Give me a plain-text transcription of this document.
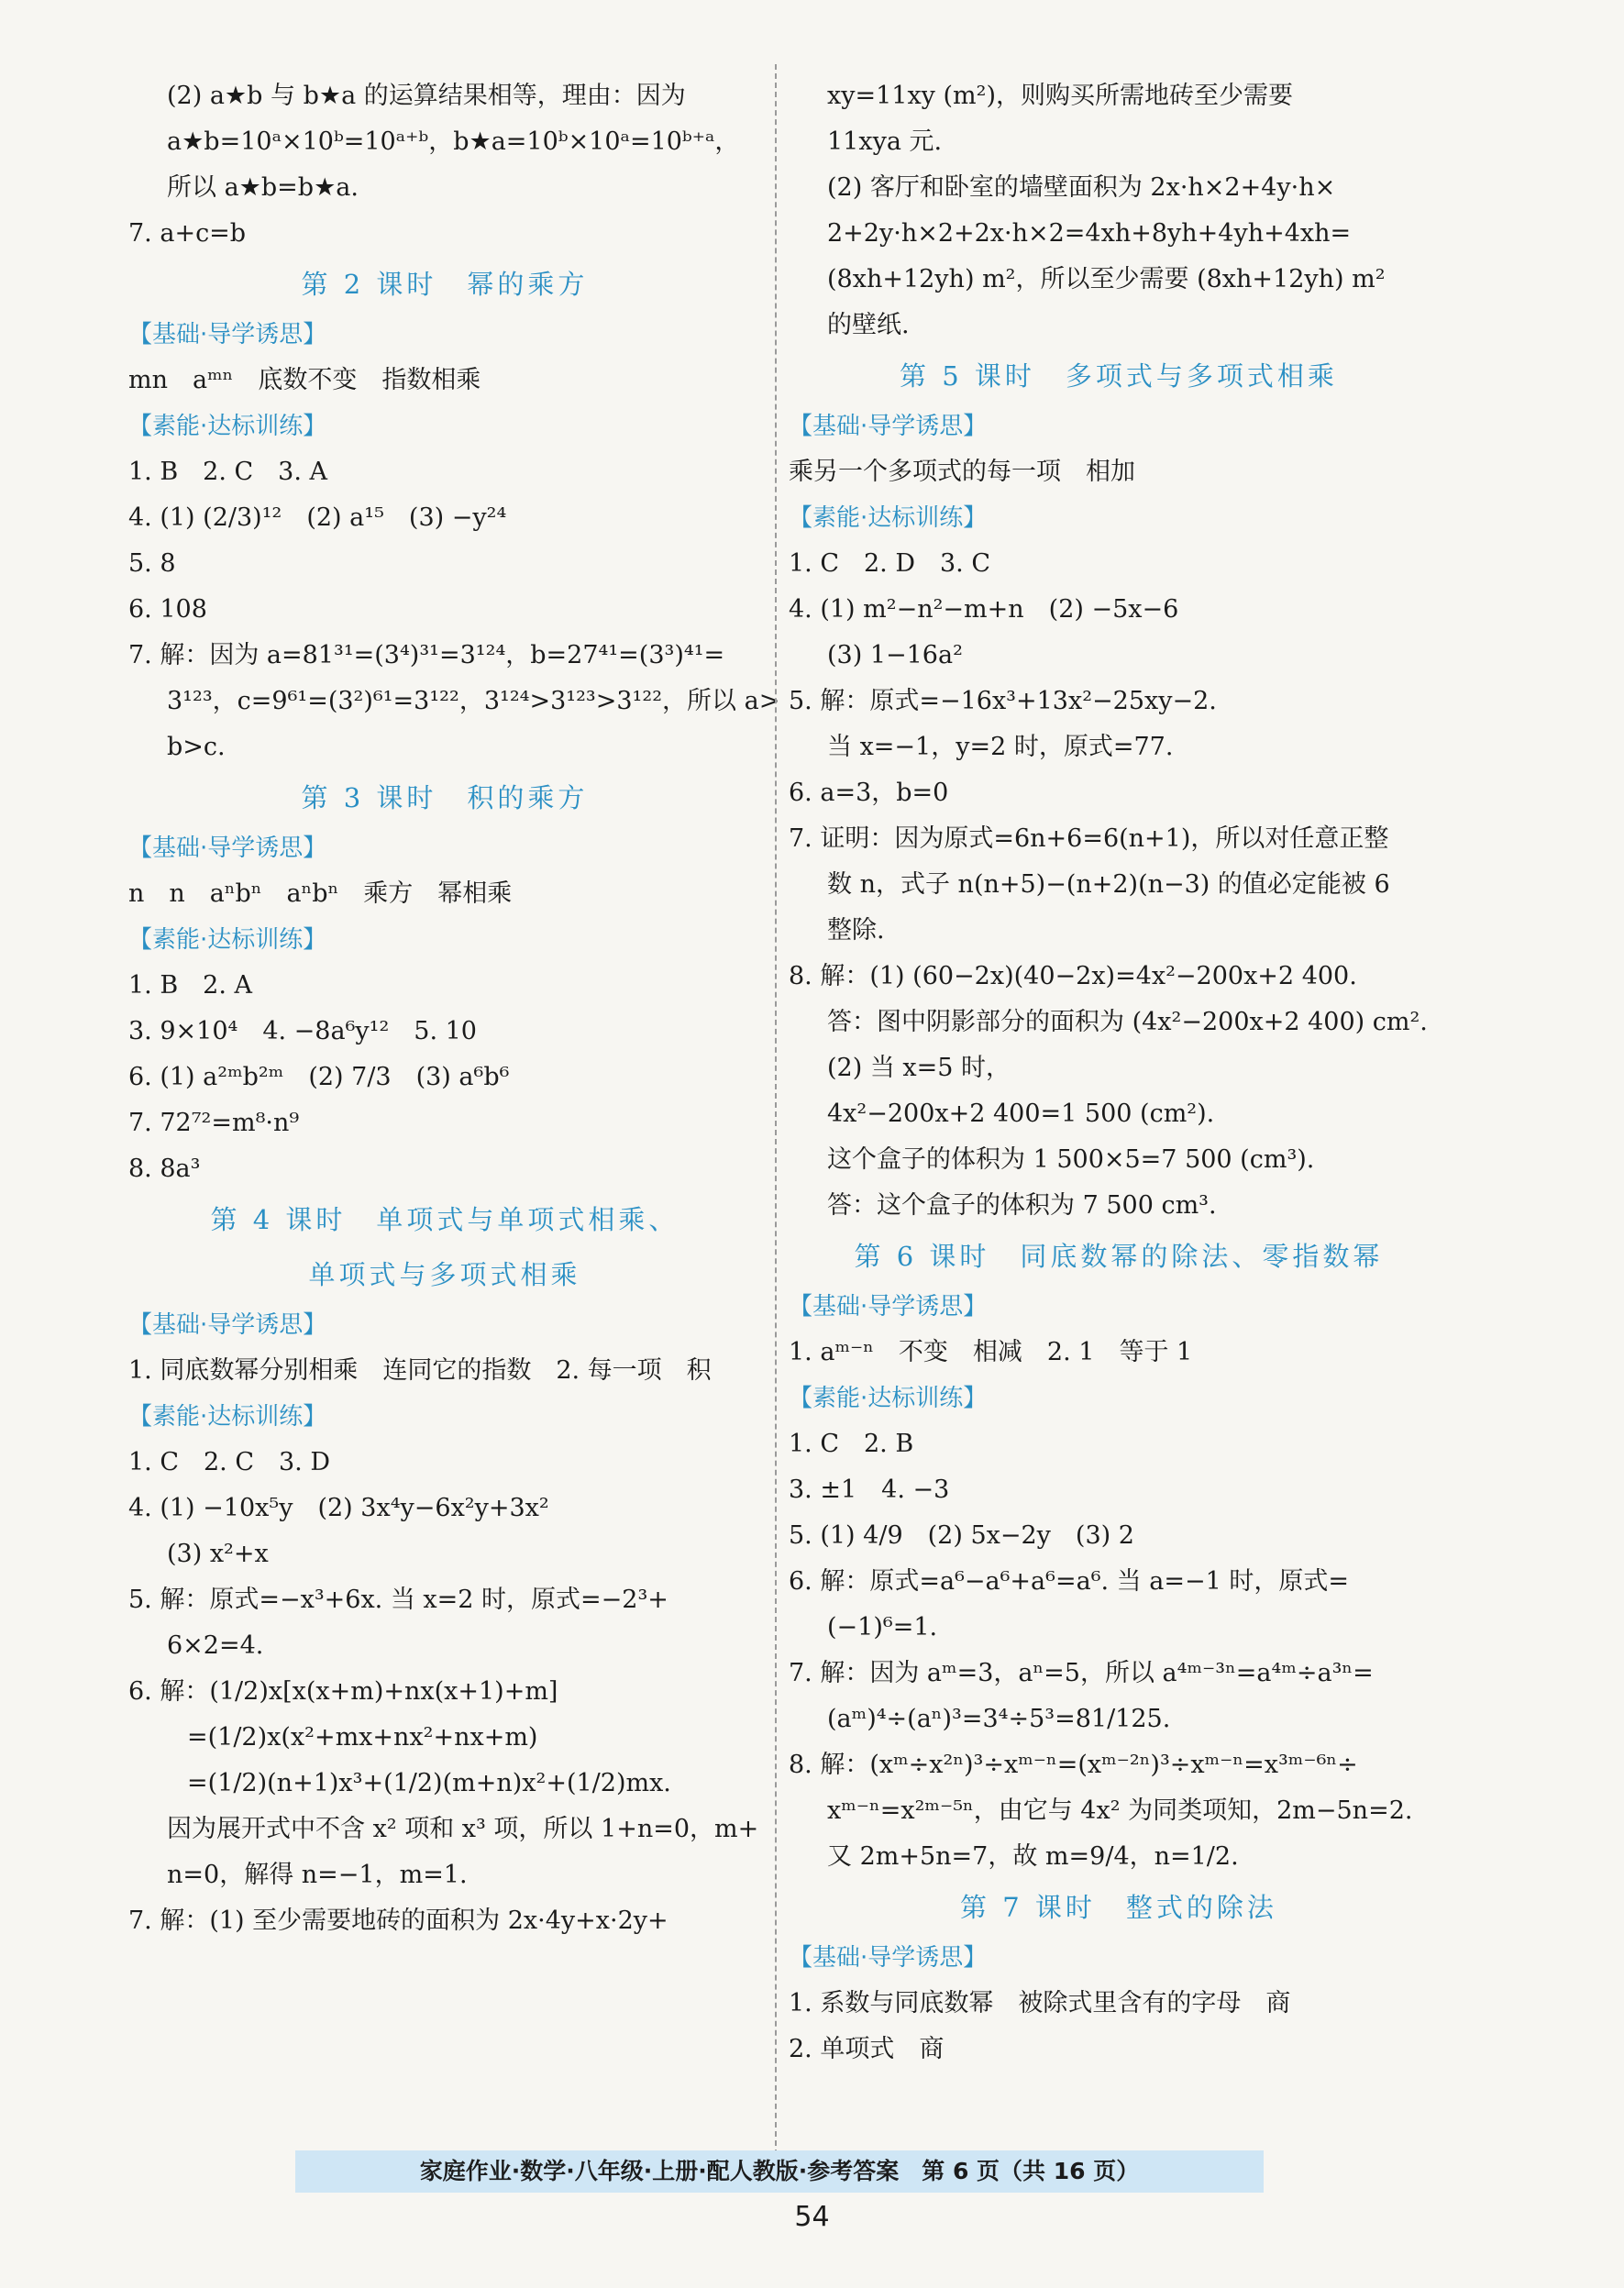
(2) a★b 与 b★a 的运算结果相等，理由：因为
a★b=10ᵃ×10ᵇ=10ᵃ⁺ᵇ，b★a=10ᵇ×10ᵃ=10ᵇ⁺ᵃ，
所以 a★b=b★a.
7. a+c=b
第 2 课时　幂的乘方
【基础·导学诱思】
mn　aᵐⁿ　底数不变　指数相乘
【素能·达标训练】
1. B　2. C　3. A
4. (1) (2/3)¹²　(2) a¹⁵　(3) −y²⁴
5. 8
6. 108
7. 解：因为 a=81³¹=(3⁴)³¹=3¹²⁴，b=27⁴¹=(3³)⁴¹=
3¹²³，c=9⁶¹=(3²)⁶¹=3¹²²，3¹²⁴>3¹²³>3¹²²，所以 a>
b>c.
第 3 课时　积的乘方
【基础·导学诱思】
n　n　aⁿbⁿ　aⁿbⁿ　乘方　幂相乘
【素能·达标训练】
1. B　2. A
3. 9×10⁴　4. −8a⁶y¹²　5. 10
6. (1) a²ᵐb²ᵐ　(2) 7/3　(3) a⁶b⁶
7. 72⁷²=m⁸·n⁹
8. 8a³
第 4 课时　单项式与单项式相乘、
单项式与多项式相乘
【基础·导学诱思】
1. 同底数幂分别相乘　连同它的指数　2. 每一项　积
【素能·达标训练】
1. C　2. C　3. D
4. (1) −10x⁵y　(2) 3x⁴y−6x²y+3x²
(3) x²+x
5. 解：原式=−x³+6x. 当 x=2 时，原式=−2³+
6×2=4.
6. 解：(1/2)x[x(x+m)+nx(x+1)+m]
=(1/2)x(x²+mx+nx²+nx+m)
=(1/2)(n+1)x³+(1/2)(m+n)x²+(1/2)mx.
因为展开式中不含 x² 项和 x³ 项，所以 1+n=0，m+
n=0，解得 n=−1，m=1.
7. 解：(1) 至少需要地砖的面积为 2x·4y+x·2y+
xy=11xy (m²)，则购买所需地砖至少需要
11xya 元.
(2) 客厅和卧室的墙壁面积为 2x·h×2+4y·h×
2+2y·h×2+2x·h×2=4xh+8yh+4yh+4xh=
(8xh+12yh) m²，所以至少需要 (8xh+12yh) m²
的壁纸.
第 5 课时　多项式与多项式相乘
【基础·导学诱思】
乘另一个多项式的每一项　相加
【素能·达标训练】
1. C　2. D　3. C
4. (1) m²−n²−m+n　(2) −5x−6
(3) 1−16a²
5. 解：原式=−16x³+13x²−25xy−2.
当 x=−1，y=2 时，原式=77.
6. a=3，b=0
7. 证明：因为原式=6n+6=6(n+1)，所以对任意正整
数 n，式子 n(n+5)−(n+2)(n−3) 的值必定能被 6
整除.
8. 解：(1) (60−2x)(40−2x)=4x²−200x+2 400.
答：图中阴影部分的面积为 (4x²−200x+2 400) cm².
(2) 当 x=5 时，
4x²−200x+2 400=1 500 (cm²).
这个盒子的体积为 1 500×5=7 500 (cm³).
答：这个盒子的体积为 7 500 cm³.
第 6 课时　同底数幂的除法、零指数幂
【基础·导学诱思】
1. aᵐ⁻ⁿ　不变　相减　2. 1　等于 1
【素能·达标训练】
1. C　2. B
3. ±1　4. −3
5. (1) 4/9　(2) 5x−2y　(3) 2
6. 解：原式=a⁶−a⁶+a⁶=a⁶. 当 a=−1 时，原式=
(−1)⁶=1.
7. 解：因为 aᵐ=3，aⁿ=5，所以 a⁴ᵐ⁻³ⁿ=a⁴ᵐ÷a³ⁿ=
(aᵐ)⁴÷(aⁿ)³=3⁴÷5³=81/125.
8. 解：(xᵐ÷x²ⁿ)³÷xᵐ⁻ⁿ=(xᵐ⁻²ⁿ)³÷xᵐ⁻ⁿ=x³ᵐ⁻⁶ⁿ÷
xᵐ⁻ⁿ=x²ᵐ⁻⁵ⁿ，由它与 4x² 为同类项知，2m−5n=2.
又 2m+5n=7，故 m=9/4，n=1/2.
第 7 课时　整式的除法
【基础·导学诱思】
1. 系数与同底数幂　被除式里含有的字母　商
2. 单项式　商
家庭作业·数学·八年级·上册·配人教版·参考答案　第 6 页（共 16 页）
54
